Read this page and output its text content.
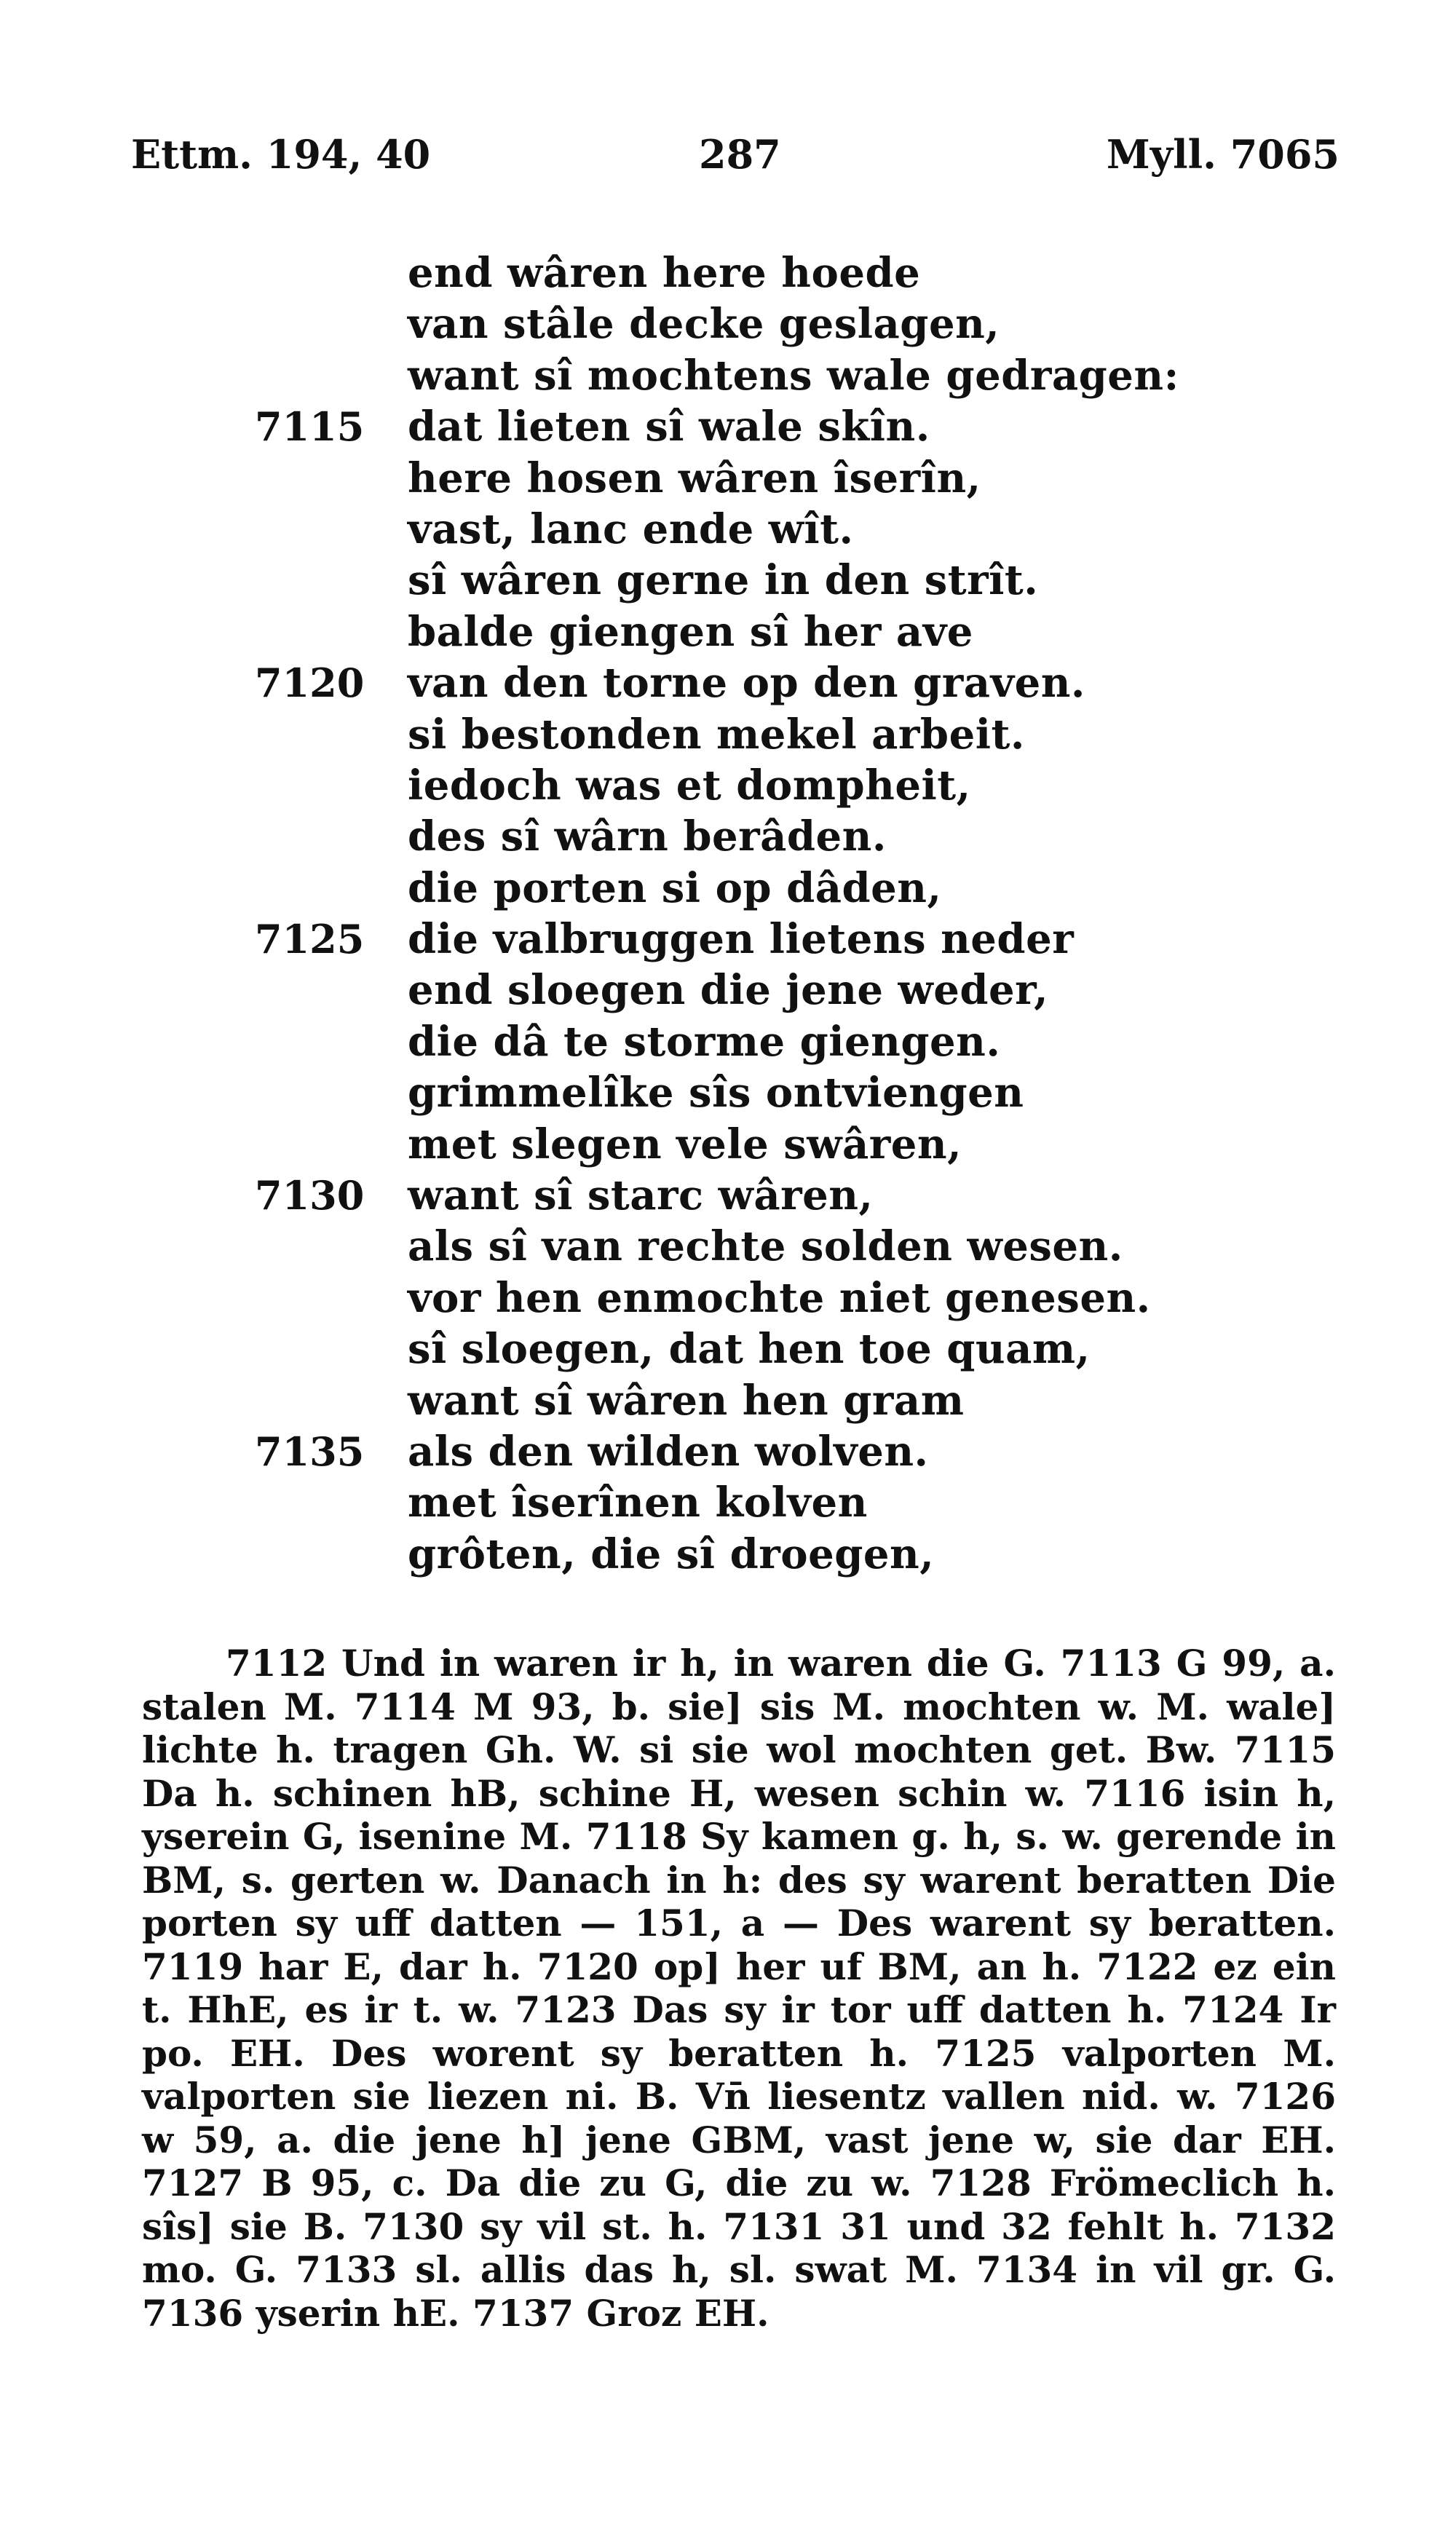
Ettm. 194, 40	287	Myll. 7065
end wâren here hoede
van stâle decke geslagen,
want sî mochtens wale gedragen:
7115 dat lieten sî wale skîn.
here hosen wâren îserîn,
vast, lanc ende wît.
sî wâren gerne in den strît.
balde giengen sî her ave
7120 van den torne op den graven.
si bestonden mekel arbeit.
iedoch was et dompheit,
des sî wârn berâden.
die porten si op dâden,
7125 die valbruggen lietens neder
end sloegen die jene weder,
die dâ te storme giengen.
grimmelîke sîs ontviengen
met slegen vele swâren,
7130 want sî starc wâren,
als sî van rechte solden wesen.
vor hen enmochte niet genesen.
sî sloegen, dat hen toe quam,
want sî wâren hen gram
7135 als den wilden wolven.
met îserînen kolven
grôten, die sî droegen,

7112 Und in waren ir h, in waren die G. 7113 G 99, a. stalen M. 7114 M 93, b. sie] sis M. mochten w. M. wale] lichte h. tragen Gh. W. si sie wol mochten get. Bw. 7115 Da h. schinen hB, schine H, wesen schin w. 7116 isin h, yserein G, isenine M. 7118 Sy kamen g. h, s. w. gerende in BM, s. gerten w. Danach in h: des sy warent beratten Die porten sy uff datten — 151, a — Des warent sy beratten. 7119 har E, dar h. 7120 op] her uf BM, an h. 7122 ez ein t. HhE, es ir t. w. 7123 Das sy ir tor uff datten h. 7124 Ir po. EH. Des worent sy beratten h. 7125 valporten M. valporten sie liezen ni. B. Vn̄ liesentz vallen nid. w. 7126 w 59, a. die jene h] jene GBM, vast jene w, sie dar EH. 7127 B 95, c. Da die zu G, die zu w. 7128 Frömeclich h. sîs] sie B. 7130 sy vil st. h. 7131 31 und 32 fehlt h. 7132 mo. G. 7133 sl. allis das h, sl. swat M. 7134 in vil gr. G. 7136 yserin hE. 7137 Groz EH.
